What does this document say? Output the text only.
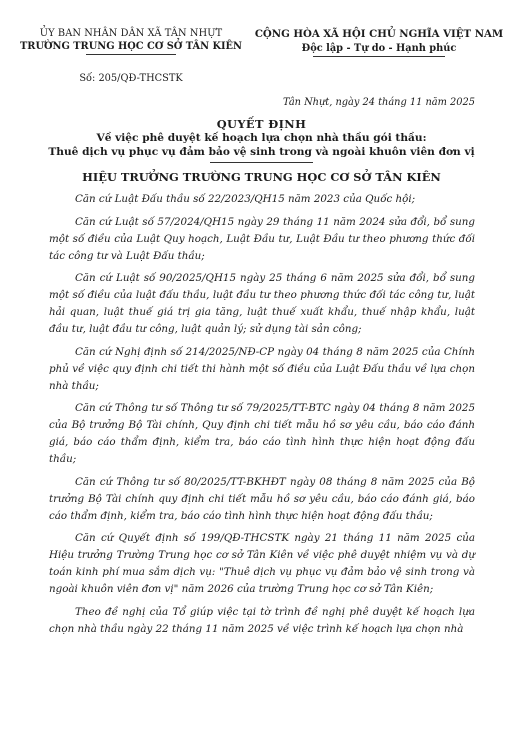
ỦY BAN NHÂN DÂN XÃ TÂN NHỰT
TRƯỜNG TRUNG HỌC CƠ SỞ TÂN KIÊN
CỘNG HÒA XÃ HỘI CHỦ NGHĨA VIỆT NAM
Độc lập - Tự do - Hạnh phúc
Số: 205/QĐ-THCSTK
Tân Nhựt, ngày 24 tháng 11 năm 2025
QUYẾT ĐỊNH
Về việc phê duyệt kế hoạch lựa chọn nhà thầu gói thầu:
Thuê dịch vụ phục vụ đảm bảo vệ sinh trong và ngoài khuôn viên đơn vị
HIỆU TRƯỞNG TRƯỜNG TRUNG HỌC CƠ SỞ TÂN KIÊN

Căn cứ Luật Đấu thầu số 22/2023/QH15 năm 2023 của Quốc hội;

Căn cứ Luật số 57/2024/QH15 ngày 29 tháng 11 năm 2024 sửa đổi, bổ sung một số điều của Luật Quy hoạch, Luật Đầu tư, Luật Đầu tư theo phương thức đối tác công tư và Luật Đấu thầu;

Căn cứ Luật số 90/2025/QH15 ngày 25 tháng 6 năm 2025 sửa đổi, bổ sung một số điều của luật đấu thầu, luật đầu tư theo phương thức đối tác công tư, luật hải quan, luật thuế giá trị gia tăng, luật thuế xuất khẩu, thuế nhập khẩu, luật đầu tư, luật đầu tư công, luật quản lý; sử dụng tài sản công;

Căn cứ Nghị định số 214/2025/NĐ-CP ngày 04 tháng 8 năm 2025 của Chính phủ về việc quy định chi tiết thi hành một số điều của Luật Đấu thầu về lựa chọn nhà thầu;

Căn cứ Thông tư số Thông tư số 79/2025/TT-BTC ngày 04 tháng 8 năm 2025 của Bộ trưởng Bộ Tài chính, Quy định chi tiết mẫu hồ sơ yêu cầu, báo cáo đánh giá, báo cáo thẩm định, kiểm tra, báo cáo tình hình thực hiện hoạt động đấu thầu;

Căn cứ Thông tư số 80/2025/TT-BKHĐT ngày 08 tháng 8 năm 2025 của Bộ trưởng Bộ Tài chính quy định chi tiết mẫu hồ sơ yêu cầu, báo cáo đánh giá, báo cáo thẩm định, kiểm tra, báo cáo tình hình thực hiện hoạt động đấu thầu;

Căn cứ Quyết định số 199/QĐ-THCSTK ngày 21 tháng 11 năm 2025 của Hiệu trưởng Trường Trung học cơ sở Tân Kiên về việc phê duyệt nhiệm vụ và dự toán kinh phí mua sắm dịch vụ: "Thuê dịch vụ phục vụ đảm bảo vệ sinh trong và ngoài khuôn viên đơn vị" năm 2026 của trường Trung học cơ sở Tân Kiên;

Theo đề nghị của Tổ giúp việc tại tờ trình đề nghị phê duyệt kế hoạch lựa chọn nhà thầu ngày 22 tháng 11 năm 2025 về việc trình kế hoạch lựa chọn nhà
